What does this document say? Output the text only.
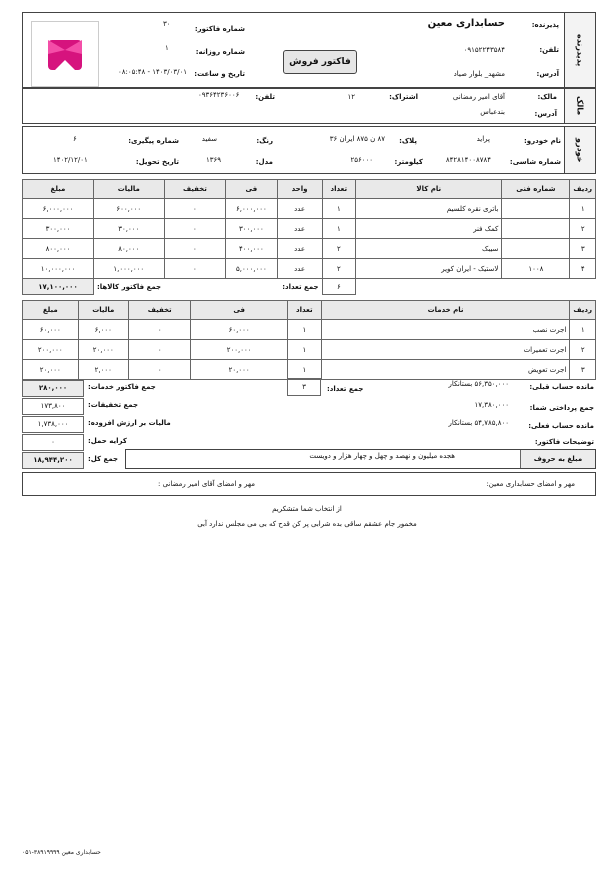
پدیدرنده
پذیرنده:
حسابداری معین
تلفن:
۰۹۱۵۲۲۴۳۵۸۴
آدرس:
مشهد_ بلوار صیاد
فاکتور فروش
شماره فاکتور:
۳۰
شماره روزانه:
۱
تاریخ و ساعت:
۱۴۰۳/۰۳/۰۱ - ۰۸:۰۵:۴۸
مالک
مالک:
آقای امیر رمضانی
اشتراک:
۱۲
تلفن:
۰۹۳۶۴۲۳۶۰۰۶
آدرس:
بندعباس
خودرو
نام خودرو:
پراید
پلاک:
۸۷ ن ۸۷۵ ایران ۳۶
رنگ:
سفید
شماره پیگیری:
۶
شماره شاسی:
۸۴۲۸۱۴۰۰۸۷۸۴
کیلومتر:
۲۵۶۰۰۰
مدل:
۱۳۶۹
تاریخ تحویل:
۱۴۰۲/۱۲/۰۱
ردیف	شماره فنی	نام کالا	تعداد	واحد	فی	تخفیف	مالیات	مبلغ
۱		باتری نقره کلسیم	۱	عدد	۶,۰۰۰,۰۰۰	۰	۶۰۰,۰۰۰	۶,۰۰۰,۰۰۰
۲		کمک فنر	۱	عدد	۳۰۰,۰۰۰	۰	۳۰,۰۰۰	۳۰۰,۰۰۰
۳		سیبک	۲	عدد	۴۰۰,۰۰۰	۰	۸۰,۰۰۰	۸۰۰,۰۰۰
۴	۱۰۰۸	لاستیک - ایران کویر	۲	عدد	۵,۰۰۰,۰۰۰	۰	۱,۰۰۰,۰۰۰	۱۰,۰۰۰,۰۰۰
			۶	جمع تعداد:			جمع فاکتور کالاها:	۱۷,۱۰۰,۰۰۰
ردیف	نام خدمات	تعداد	فی	تخفیف	مالیات	مبلغ
۱	اجرت نصب	۱	۶۰,۰۰۰	۰	۶,۰۰۰	۶۰,۰۰۰
۲	اجرت تعمیرات	۱	۲۰۰,۰۰۰	۰	۲۰,۰۰۰	۲۰۰,۰۰۰
۳	اجرت تعویض	۱	۲۰,۰۰۰	۰	۲,۰۰۰	۲۰,۰۰۰
مانده حساب قبلی:
۵۶,۳۵۰,۰۰۰ بستانکار
جمع پرداختی شما:
۱۷,۳۸۰,۰۰۰
مانده حساب فعلی:
۵۴,۷۸۵,۸۰۰ بستانکار
توضیحات فاکتور:
جمع تعداد:
۳
۲۸۰,۰۰۰	جمع فاکتور خدمات:
۱۷۳,۸۰۰	جمع تخفیفات:
۱,۷۳۸,۰۰۰	مالیات بر ارزش افزوده:
۰	کرایه حمل:
۱۸,۹۴۴,۲۰۰	جمع کل:	مبلغ به حروف
هجده میلیون و نهصد و چهل و چهار هزار و دویست
مهر و امضای حسابداری معین:
مهر و امضای آقای امیر رمضانی :
از انتخاب شما متشکریم
مخمور جام عشقم ساقی بده شرابی پر کن قدح که بی می مجلس ندارد آبی
حسابداری معین ۳۸۹۱۹۹۹۹-۰۵۱
